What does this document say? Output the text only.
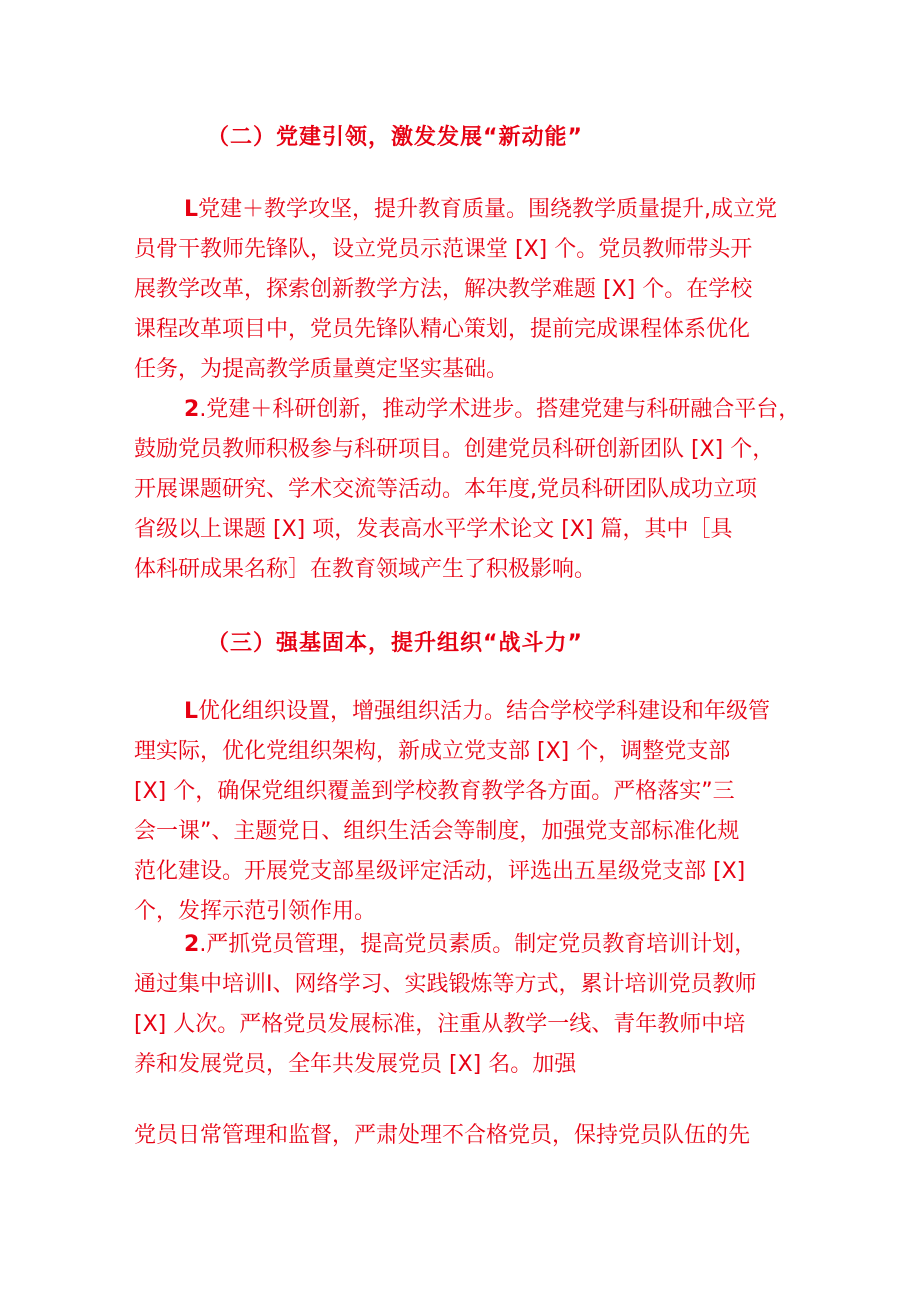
（二）党建引领，激发发展“新动能”
L党建＋教学攻坚，提升教育质量。围绕教学质量提升,成立党
员骨干教师先锋队，设立党员示范课堂 [X] 个。党员教师带头开
展教学改革，探索创新教学方法，解决教学难题 [X] 个。在学校
课程改革项目中，党员先锋队精心策划，提前完成课程体系优化
任务，为提高教学质量奠定坚实基础。
2.党建＋科研创新，推动学术进步。搭建党建与科研融合平台，
鼓励党员教师积极参与科研项目。创建党员科研创新团队 [X] 个，
开展课题研究、学术交流等活动。本年度,党员科研团队成功立项
省级以上课题 [X] 项，发表高水平学术论文 [X] 篇，其中［具
体科研成果名称］在教育领域产生了积极影响。
（三）强基固本，提升组织“战斗力”
L优化组织设置，增强组织活力。结合学校学科建设和年级管
理实际，优化党组织架构，新成立党支部 [X] 个，调整党支部
[X] 个，确保党组织覆盖到学校教育教学各方面。严格落实”三
会一课”、主题党日、组织生活会等制度，加强党支部标准化规
范化建设。开展党支部星级评定活动，评选出五星级党支部 [X]
个，发挥示范引领作用。
2.严抓党员管理，提高党员素质。制定党员教育培训计划，
通过集中培训I、网络学习、实践锻炼等方式，累计培训党员教师
[X] 人次。严格党员发展标准，注重从教学一线、青年教师中培
养和发展党员，全年共发展党员 [X] 名。加强
党员日常管理和监督，严肃处理不合格党员，保持党员队伍的先
